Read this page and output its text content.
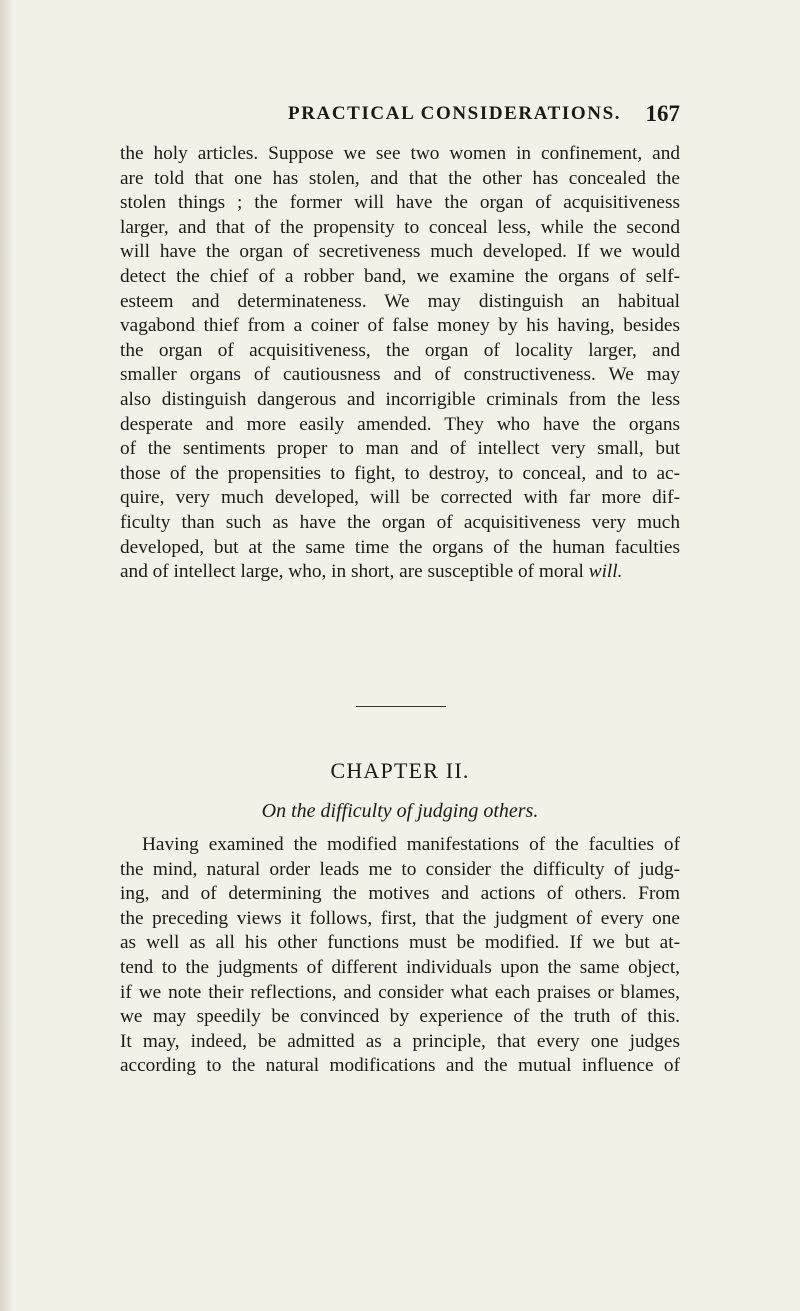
PRACTICAL CONSIDERATIONS. 167
the holy articles. Suppose we see two women in confinement, and
are told that one has stolen, and that the other has concealed the
stolen things ; the former will have the organ of acquisitiveness
larger, and that of the propensity to conceal less, while the second
will have the organ of secretiveness much developed. If we would
detect the chief of a robber band, we examine the organs of self-
esteem and determinateness. We may distinguish an habitual
vagabond thief from a coiner of false money by his having, besides
the organ of acquisitiveness, the organ of locality larger, and
smaller organs of cautiousness and of constructiveness. We may
also distinguish dangerous and incorrigible criminals from the less
desperate and more easily amended. They who have the organs
of the sentiments proper to man and of intellect very small, but
those of the propensities to fight, to destroy, to conceal, and to ac-
quire, very much developed, will be corrected with far more dif-
ficulty than such as have the organ of acquisitiveness very much
developed, but at the same time the organs of the human faculties
and of intellect large, who, in short, are susceptible of moral will.
CHAPTER II.
On the difficulty of judging others.
Having examined the modified manifestations of the faculties of
the mind, natural order leads me to consider the difficulty of judg-
ing, and of determining the motives and actions of others. From
the preceding views it follows, first, that the judgment of every one
as well as all his other functions must be modified. If we but at-
tend to the judgments of different individuals upon the same object,
if we note their reflections, and consider what each praises or blames,
we may speedily be convinced by experience of the truth of this.
It may, indeed, be admitted as a principle, that every one judges
according to the natural modifications and the mutual influence of
